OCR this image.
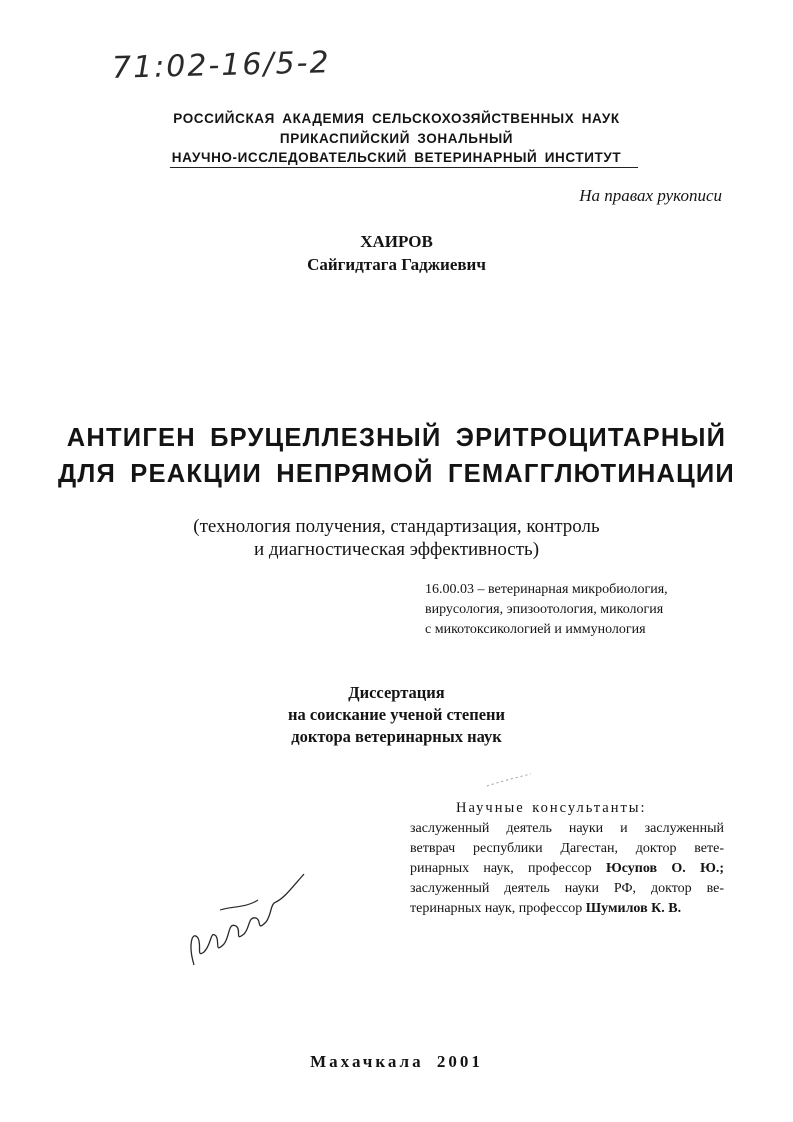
71:02-16/5-2
РОССИЙСКАЯ АКАДЕМИЯ СЕЛЬСКОХОЗЯЙСТВЕННЫХ НАУК
ПРИКАСПИЙСКИЙ ЗОНАЛЬНЫЙ
НАУЧНО-ИССЛЕДОВАТЕЛЬСКИЙ ВЕТЕРИНАРНЫЙ ИНСТИТУТ
На правах рукописи
ХАИРОВ
Сайгидтага Гаджиевич
АНТИГЕН БРУЦЕЛЛЕЗНЫЙ ЭРИТРОЦИТАРНЫЙ
ДЛЯ РЕАКЦИИ НЕПРЯМОЙ ГЕМАГГЛЮТИНАЦИИ
(технология получения, стандартизация, контроль
и диагностическая эффективность)
16.00.03 – ветеринарная микробиология,
вирусология, эпизоотология, микология
с микотоксикологией и иммунология
Диссертация
на соискание ученой степени
доктора ветеринарных наук
Научные консультанты:
заслуженный деятель науки и заслуженный
ветврач республики Дагестан, доктор вете-
ринарных наук, профессор Юсупов О. Ю.;
заслуженный деятель науки РФ, доктор ве-
теринарных наук, профессор Шумилов К. В.
Махачкала 2001
